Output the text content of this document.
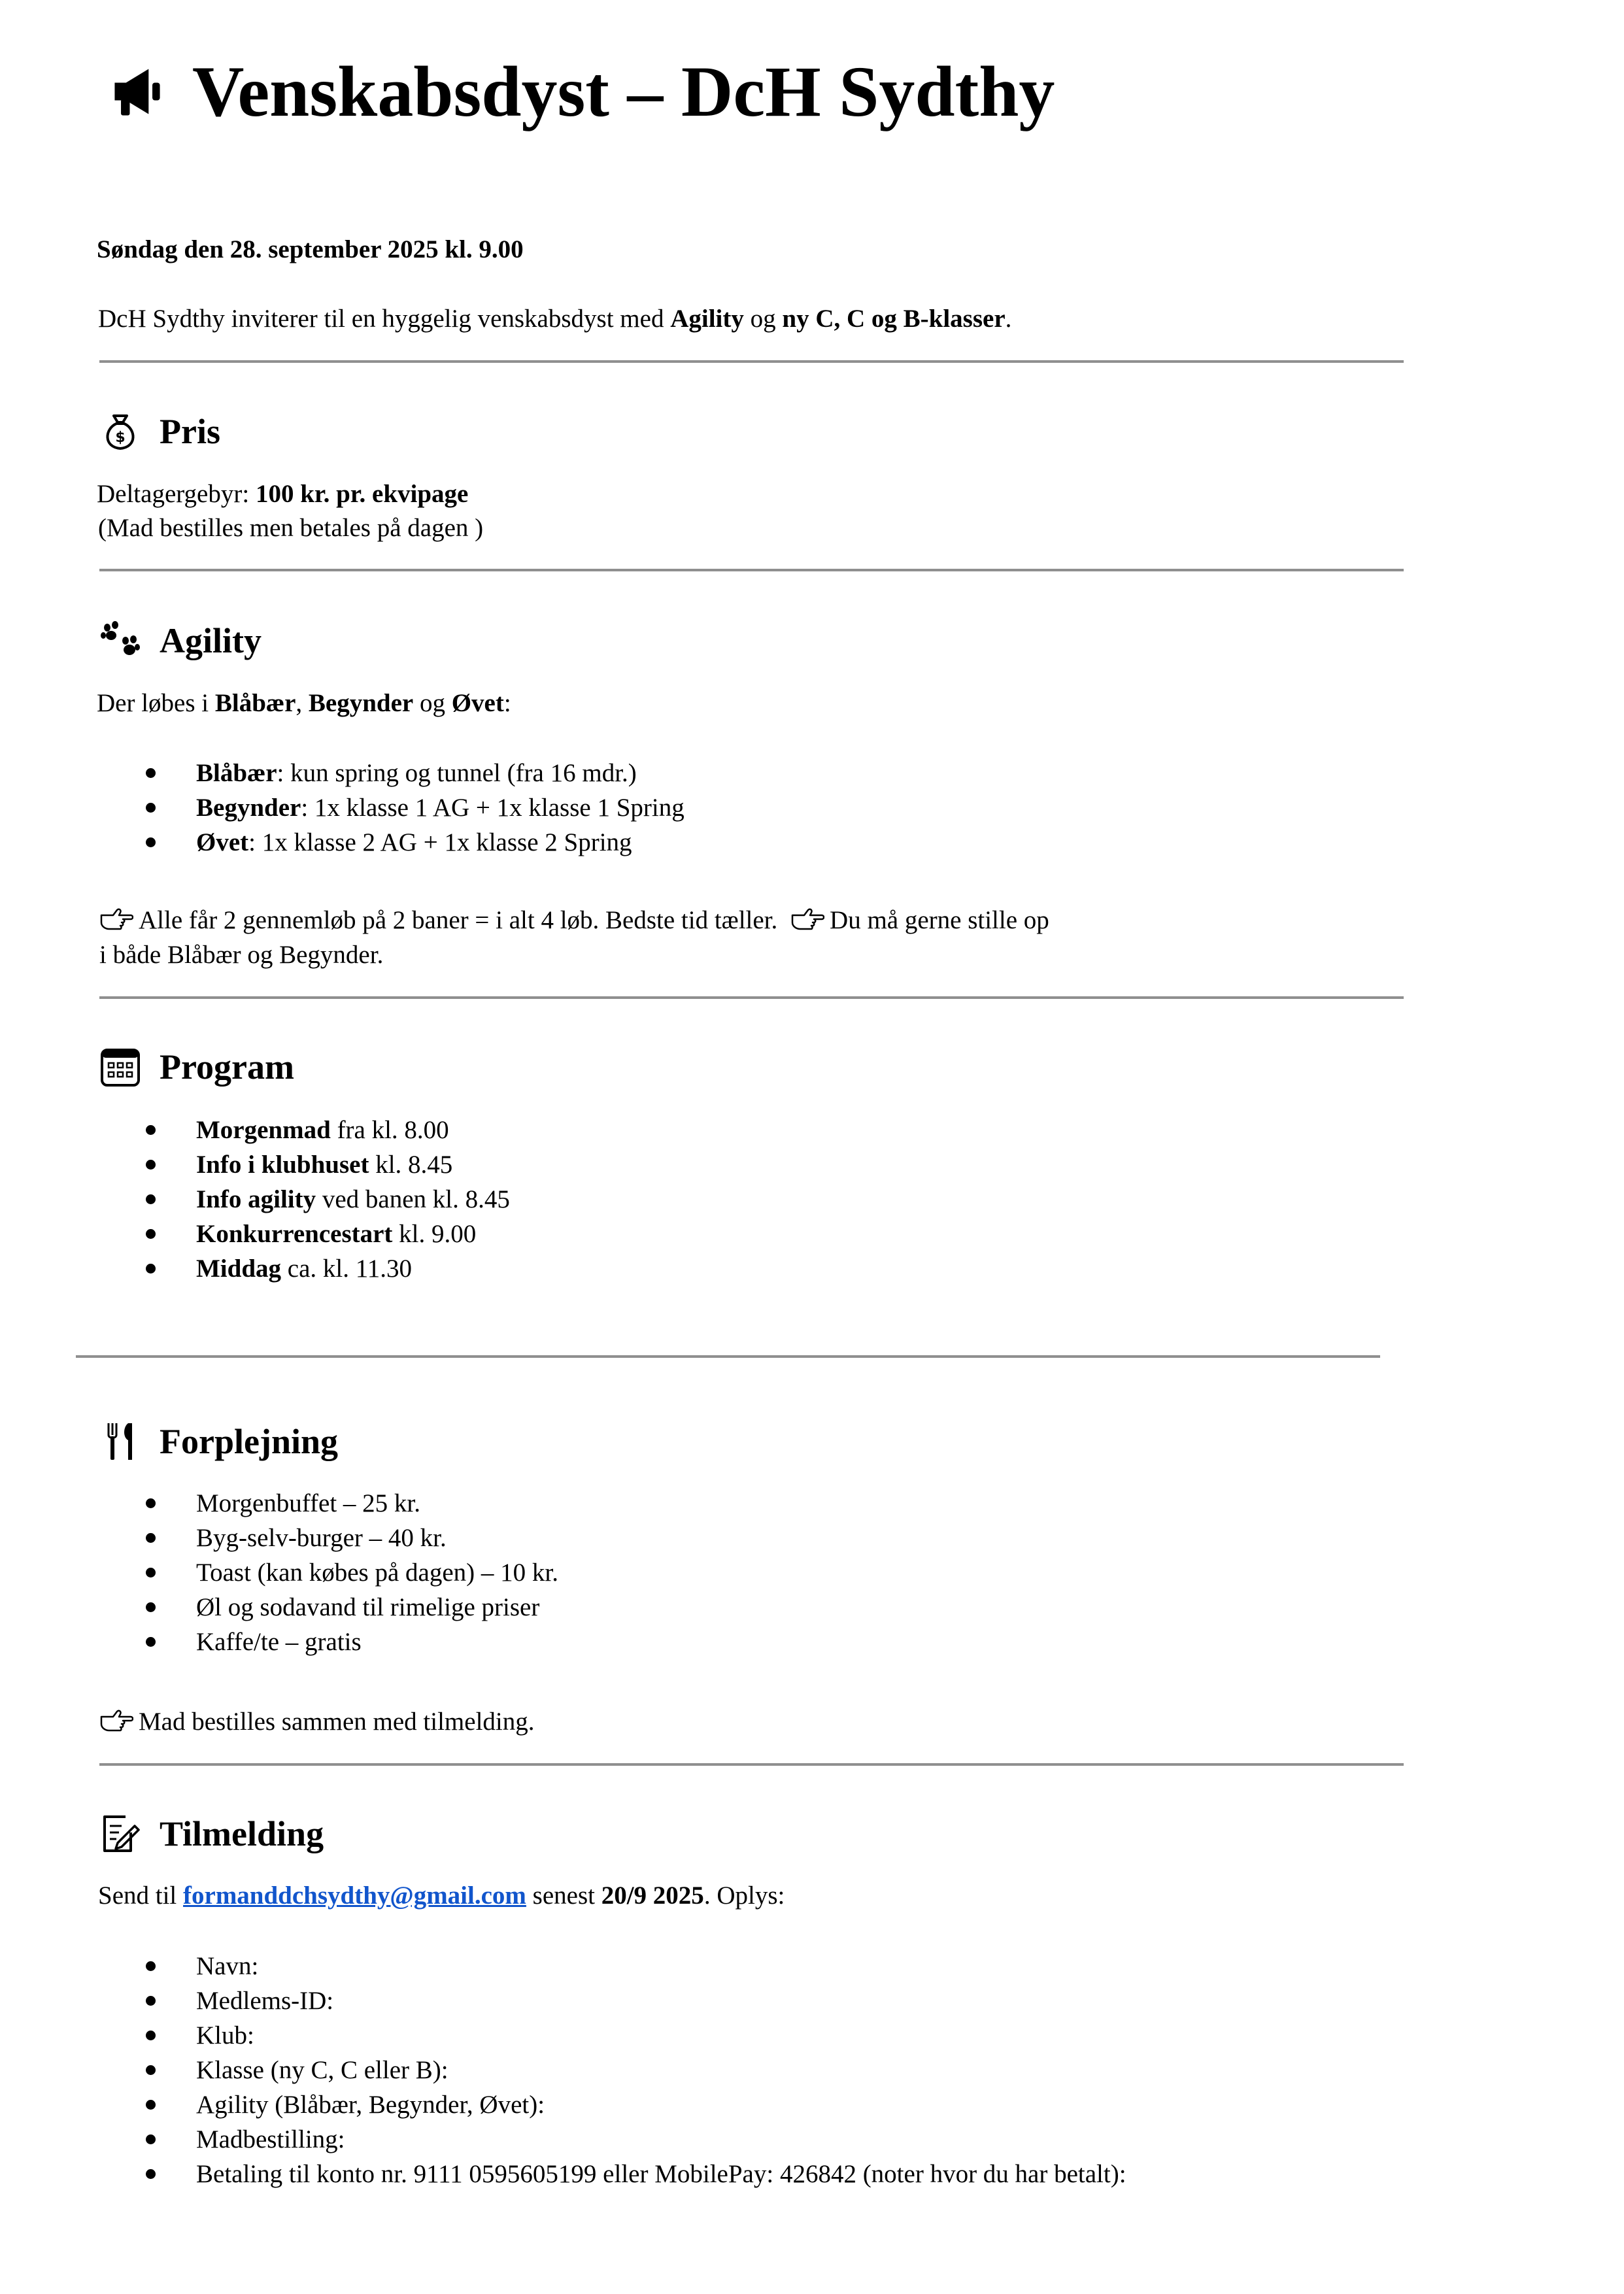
Venskabsdyst – DcH Sydthy

Søndag den 28. september 2025 kl. 9.00

DcH Sydthy inviterer til en hyggelig venskabsdyst med Agility og ny C, C og B-klasser.

$ Pris

Deltagergebyr: 100 kr. pr. ekvipage

(Mad bestilles men betales på dagen )

Agility

Der løbes i Blåbær, Begynder og Øvet:

Blåbær: kun spring og tunnel (fra 16 mdr.)
Begynder: 1x klasse 1 AG + 1x klasse 1 Spring
Øvet: 1x klasse 2 AG + 1x klasse 2 Spring

Alle får 2 gennemløb på 2 baner = i alt 4 løb. Bedste tid tæller. Du må gerne stille op

i både Blåbær og Begynder.

Program
Morgenmad fra kl. 8.00
Info i klubhuset kl. 8.45
Info agility ved banen kl. 8.45
Konkurrencestart kl. 9.00
Middag ca. kl. 11.30
Forplejning
Morgenbuffet – 25 kr.
Byg-selv-burger – 40 kr.
Toast (kan købes på dagen) – 10 kr.
Øl og sodavand til rimelige priser
Kaffe/te – gratis

Mad bestilles sammen med tilmelding.

Tilmelding

Send til formanddchsydthy@gmail.com senest 20/9 2025. Oplys:

Navn:
Medlems-ID:
Klub:
Klasse (ny C, C eller B):
Agility (Blåbær, Begynder, Øvet):
Madbestilling:
Betaling til konto nr. 9111 0595605199 eller MobilePay: 426842 (noter hvor du har betalt):
